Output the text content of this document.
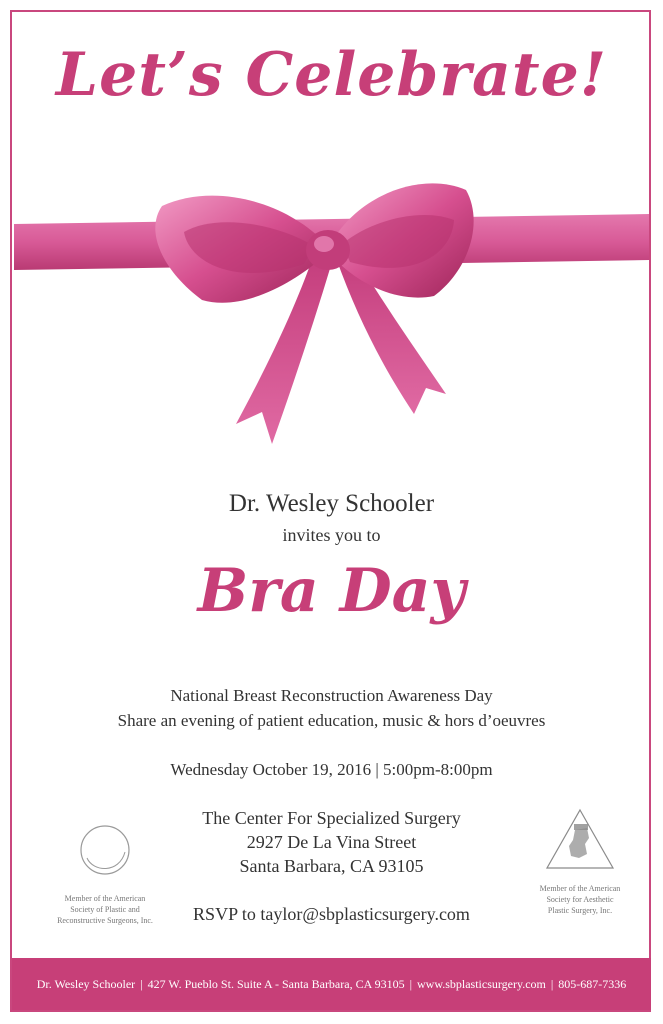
Let’s Celebrate!
Dr. Wesley Schooler
invites you to
Bra Day
National Breast Reconstruction Awareness Day
Share an evening of patient education, music & hors d’oeuvres
Wednesday October 19, 2016 | 5:00pm-8:00pm
The Center For Specialized Surgery
2927 De La Vina Street
Santa Barbara, CA 93105
RSVP to taylor@sbplasticsurgery.com
Member of the American
Society of Plastic and
Reconstructive Surgeons, Inc.
Member of the American
Society for Aesthetic
Plastic Surgery, Inc.
Dr. Wesley Schooler | 427 W. Pueblo St. Suite A - Santa Barbara, CA 93105 | www.sbplasticsurgery.com | 805-687-7336
